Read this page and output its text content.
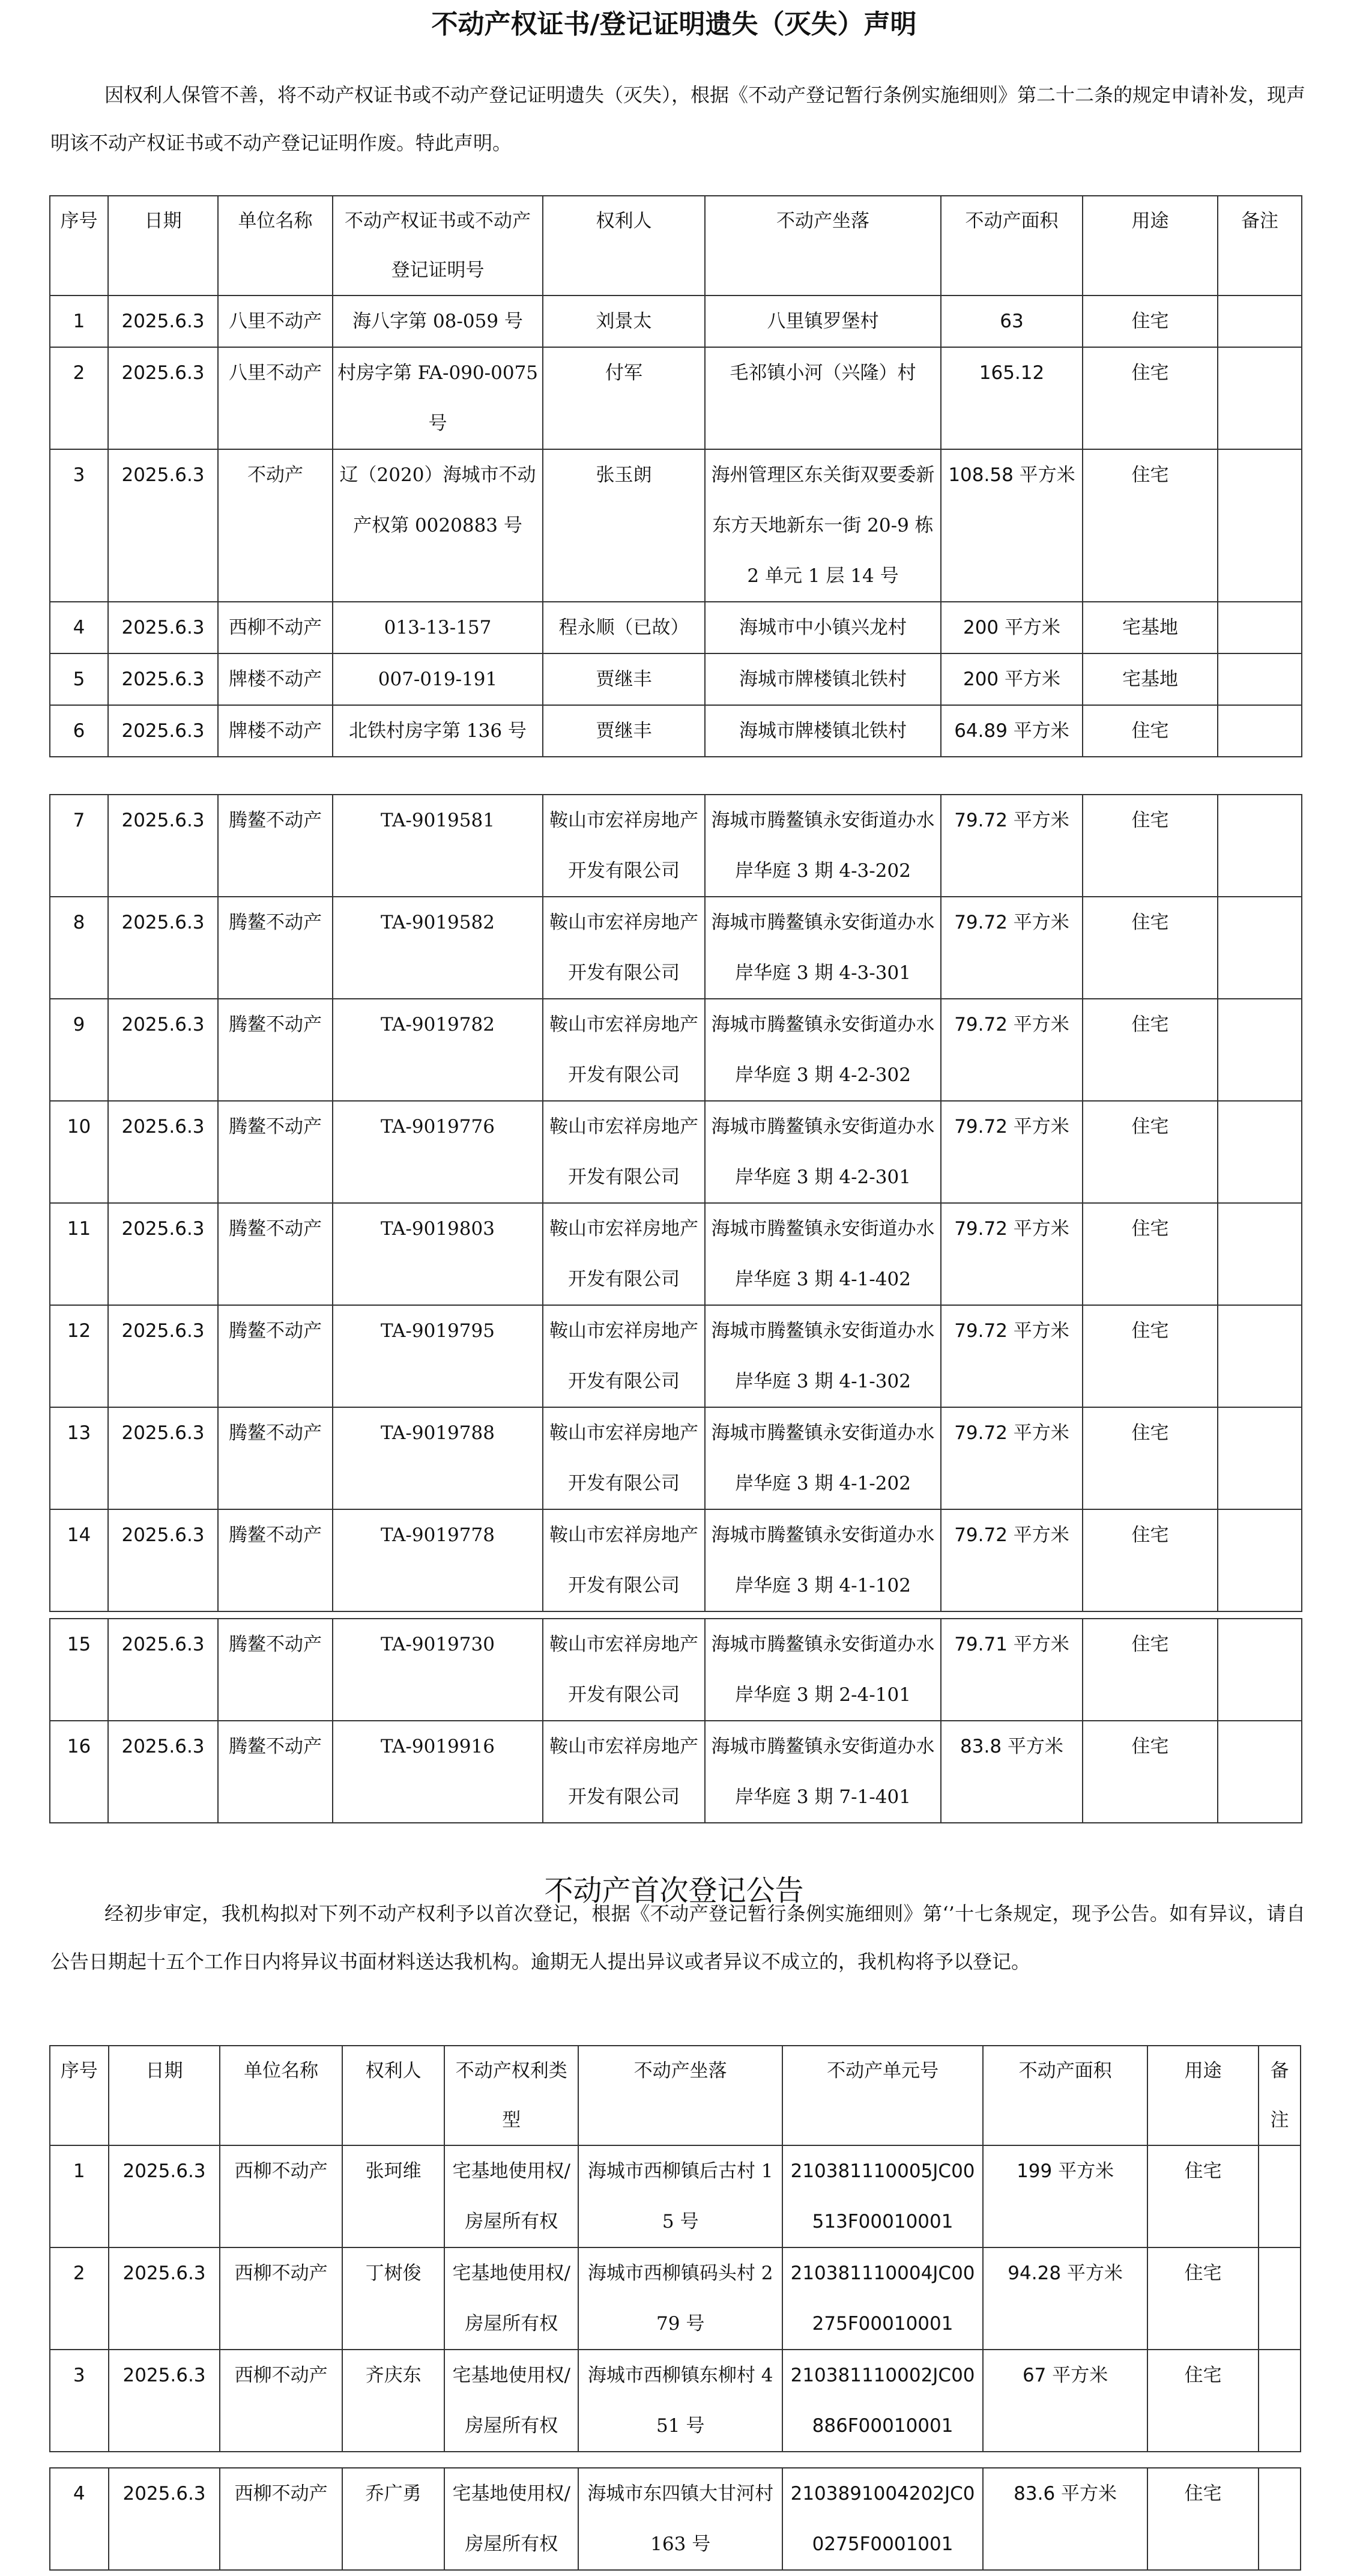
不动产权证书/登记证明遗失（灭失）声明
因权利人保管不善，将不动产权证书或不动产登记证明遗失（灭失），根据《不动产登记暂行条例实施细则》第二十二条的规定申请补发，现声明该不动产权证书或不动产登记证明作废。特此声明。
序号	日期	单位名称	不动产权证书或不动产登记证明号	权利人	不动产坐落	不动产面积	用途	备注
1	2025.6.3	八里不动产	海八字第 08-059 号	刘景太	八里镇罗堡村	63	住宅	
2	2025.6.3	八里不动产	村房字第 FA-090-0075 号	付军	毛祁镇小河（兴隆）村	165.12	住宅	
3	2025.6.3	不动产	辽（2020）海城市不动产权第 0020883 号	张玉朗	海州管理区东关街双要委新东方天地新东一街 20-9 栋 2 单元 1 层 14 号	108.58 平方米	住宅	
4	2025.6.3	西柳不动产	013-13-157	程永顺（已故）	海城市中小镇兴龙村	200 平方米	宅基地	
5	2025.6.3	牌楼不动产	007-019-191	贾继丰	海城市牌楼镇北铁村	200 平方米	宅基地	
6	2025.6.3	牌楼不动产	北铁村房字第 136 号	贾继丰	海城市牌楼镇北铁村	64.89 平方米	住宅	
7	2025.6.3	腾鳌不动产	TA-9019581	鞍山市宏祥房地产开发有限公司	海城市腾鳌镇永安街道办水岸华庭 3 期 4-3-202	79.72 平方米	住宅	
8	2025.6.3	腾鳌不动产	TA-9019582	鞍山市宏祥房地产开发有限公司	海城市腾鳌镇永安街道办水岸华庭 3 期 4-3-301	79.72 平方米	住宅	
9	2025.6.3	腾鳌不动产	TA-9019782	鞍山市宏祥房地产开发有限公司	海城市腾鳌镇永安街道办水岸华庭 3 期 4-2-302	79.72 平方米	住宅	
10	2025.6.3	腾鳌不动产	TA-9019776	鞍山市宏祥房地产开发有限公司	海城市腾鳌镇永安街道办水岸华庭 3 期 4-2-301	79.72 平方米	住宅	
11	2025.6.3	腾鳌不动产	TA-9019803	鞍山市宏祥房地产开发有限公司	海城市腾鳌镇永安街道办水岸华庭 3 期 4-1-402	79.72 平方米	住宅	
12	2025.6.3	腾鳌不动产	TA-9019795	鞍山市宏祥房地产开发有限公司	海城市腾鳌镇永安街道办水岸华庭 3 期 4-1-302	79.72 平方米	住宅	
13	2025.6.3	腾鳌不动产	TA-9019788	鞍山市宏祥房地产开发有限公司	海城市腾鳌镇永安街道办水岸华庭 3 期 4-1-202	79.72 平方米	住宅	
14	2025.6.3	腾鳌不动产	TA-9019778	鞍山市宏祥房地产开发有限公司	海城市腾鳌镇永安街道办水岸华庭 3 期 4-1-102	79.72 平方米	住宅	
15	2025.6.3	腾鳌不动产	TA-9019730	鞍山市宏祥房地产开发有限公司	海城市腾鳌镇永安街道办水岸华庭 3 期 2-4-101	79.71 平方米	住宅	
16	2025.6.3	腾鳌不动产	TA-9019916	鞍山市宏祥房地产开发有限公司	海城市腾鳌镇永安街道办水岸华庭 3 期 7-1-401	83.8 平方米	住宅	
不动产首次登记公告
经初步审定，我机构拟对下列不动产权利予以首次登记，根据《不动产登记暂行条例实施细则》第‘’十七条规定，现予公告。如有异议，请自公告日期起十五个工作日内将异议书面材料送达我机构。逾期无人提出异议或者异议不成立的，我机构将予以登记。
序号	日期	单位名称	权利人	不动产权利类型	不动产坐落	不动产单元号	不动产面积	用途	备注
1	2025.6.3	西柳不动产	张珂维	宅基地使用权/房屋所有权	海城市西柳镇后古村 15 号	210381110005JC00513F00010001	199 平方米	住宅	
2	2025.6.3	西柳不动产	丁树俊	宅基地使用权/房屋所有权	海城市西柳镇码头村 279 号	210381110004JC00275F00010001	94.28 平方米	住宅	
3	2025.6.3	西柳不动产	齐庆东	宅基地使用权/房屋所有权	海城市西柳镇东柳村 451 号	210381110002JC00886F00010001	67 平方米	住宅	
4	2025.6.3	西柳不动产	乔广勇	宅基地使用权/房屋所有权	海城市东四镇大甘河村 163 号	2103891004202JC00275F0001001	83.6 平方米	住宅	
